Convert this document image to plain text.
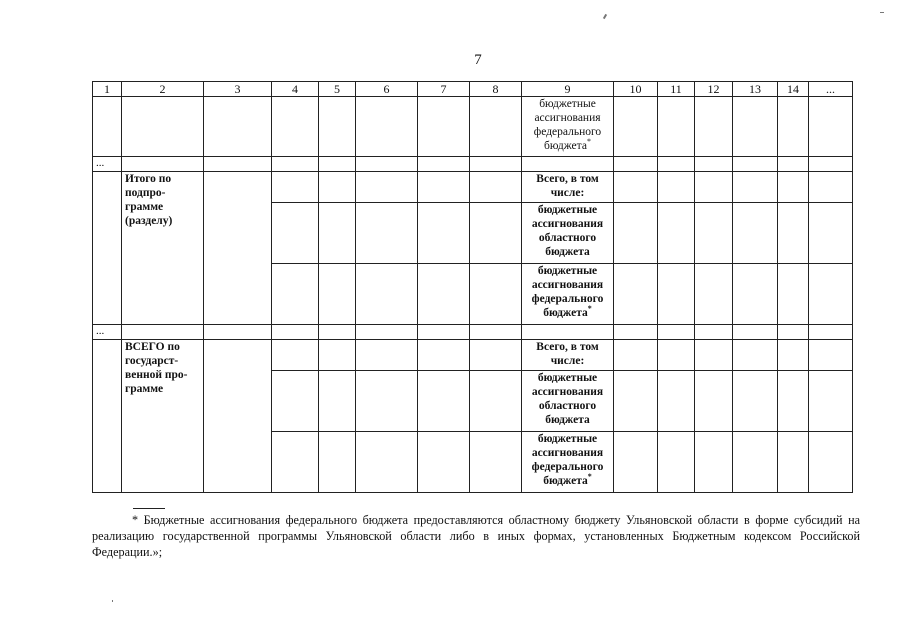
7
1	2	3	4	5	6	7	8	9	10	11	12	13	14	...
								бюджетные ассигнования федерального бюджета*						
...														
	Итого по подпро-грамме (разделу)							Всего, в том числе:						
								бюджетные ассигнования областного бюджета						
								бюджетные ассигнования федерального бюджета*						
...														
	ВСЕГО по государст-венной про-грамме							Всего, в том числе:						
								бюджетные ассигнования областного бюджета						
								бюджетные ассигнования федерального бюджета*						
* Бюджетные ассигнования федерального бюджета предоставляются областному бюджету Ульяновской области в форме субсидий на реализацию государственной программы Ульяновской области либо в иных формах, установленных Бюджетным кодексом Российской Федерации.»;
